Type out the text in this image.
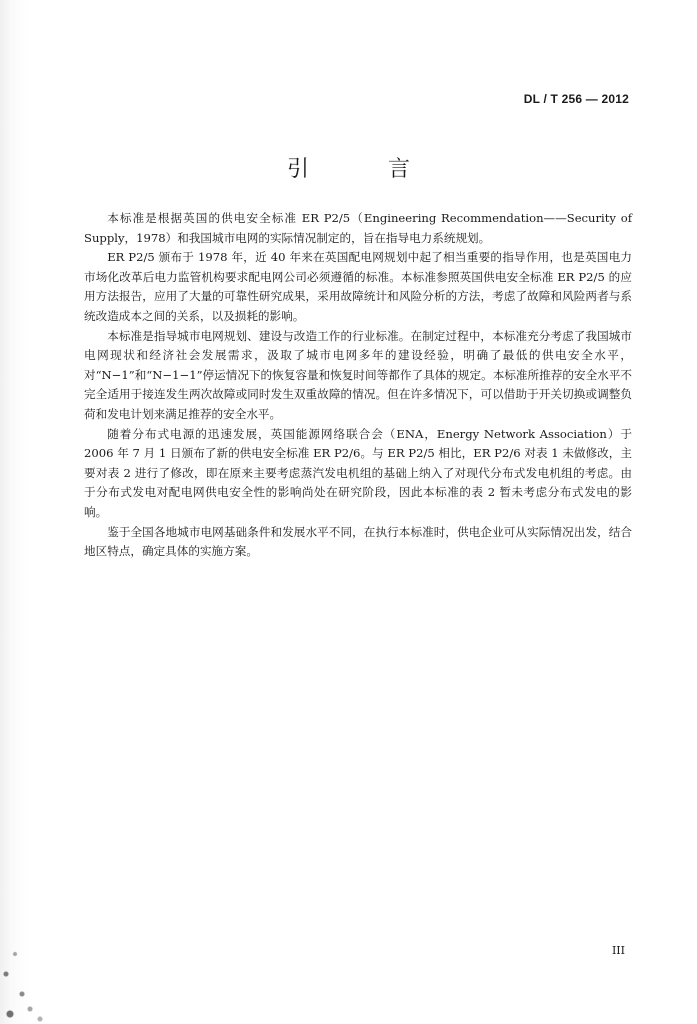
DL / T 256 — 2012
引 言

本标准是根据英国的供电安全标准 ER P2/5（Engineering Recommendation——Security of Supply，1978）和我国城市电网的实际情况制定的，旨在指导电力系统规划。

ER P2/5 颁布于 1978 年，近 40 年来在英国配电网规划中起了相当重要的指导作用，也是英国电力市场化改革后电力监管机构要求配电网公司必须遵循的标准。本标准参照英国供电安全标准 ER P2/5 的应用方法报告，应用了大量的可靠性研究成果，采用故障统计和风险分析的方法，考虑了故障和风险两者与系统改造成本之间的关系，以及损耗的影响。

本标准是指导城市电网规划、建设与改造工作的行业标准。在制定过程中，本标准充分考虑了我国城市电网现状和经济社会发展需求，汲取了城市电网多年的建设经验，明确了最低的供电安全水平，对“N−1”和“N−1−1”停运情况下的恢复容量和恢复时间等都作了具体的规定。本标准所推荐的安全水平不完全适用于接连发生两次故障或同时发生双重故障的情况。但在许多情况下，可以借助于开关切换或调整负荷和发电计划来满足推荐的安全水平。

随着分布式电源的迅速发展，英国能源网络联合会（ENA，Energy Network Association）于 2006 年 7 月 1 日颁布了新的供电安全标准 ER P2/6。与 ER P2/5 相比，ER P2/6 对表 1 未做修改，主要对表 2 进行了修改，即在原来主要考虑蒸汽发电机组的基础上纳入了对现代分布式发电机组的考虑。由于分布式发电对配电网供电安全性的影响尚处在研究阶段，因此本标准的表 2 暂未考虑分布式发电的影响。

鉴于全国各地城市电网基础条件和发展水平不同，在执行本标准时，供电企业可从实际情况出发，结合地区特点，确定具体的实施方案。

III
